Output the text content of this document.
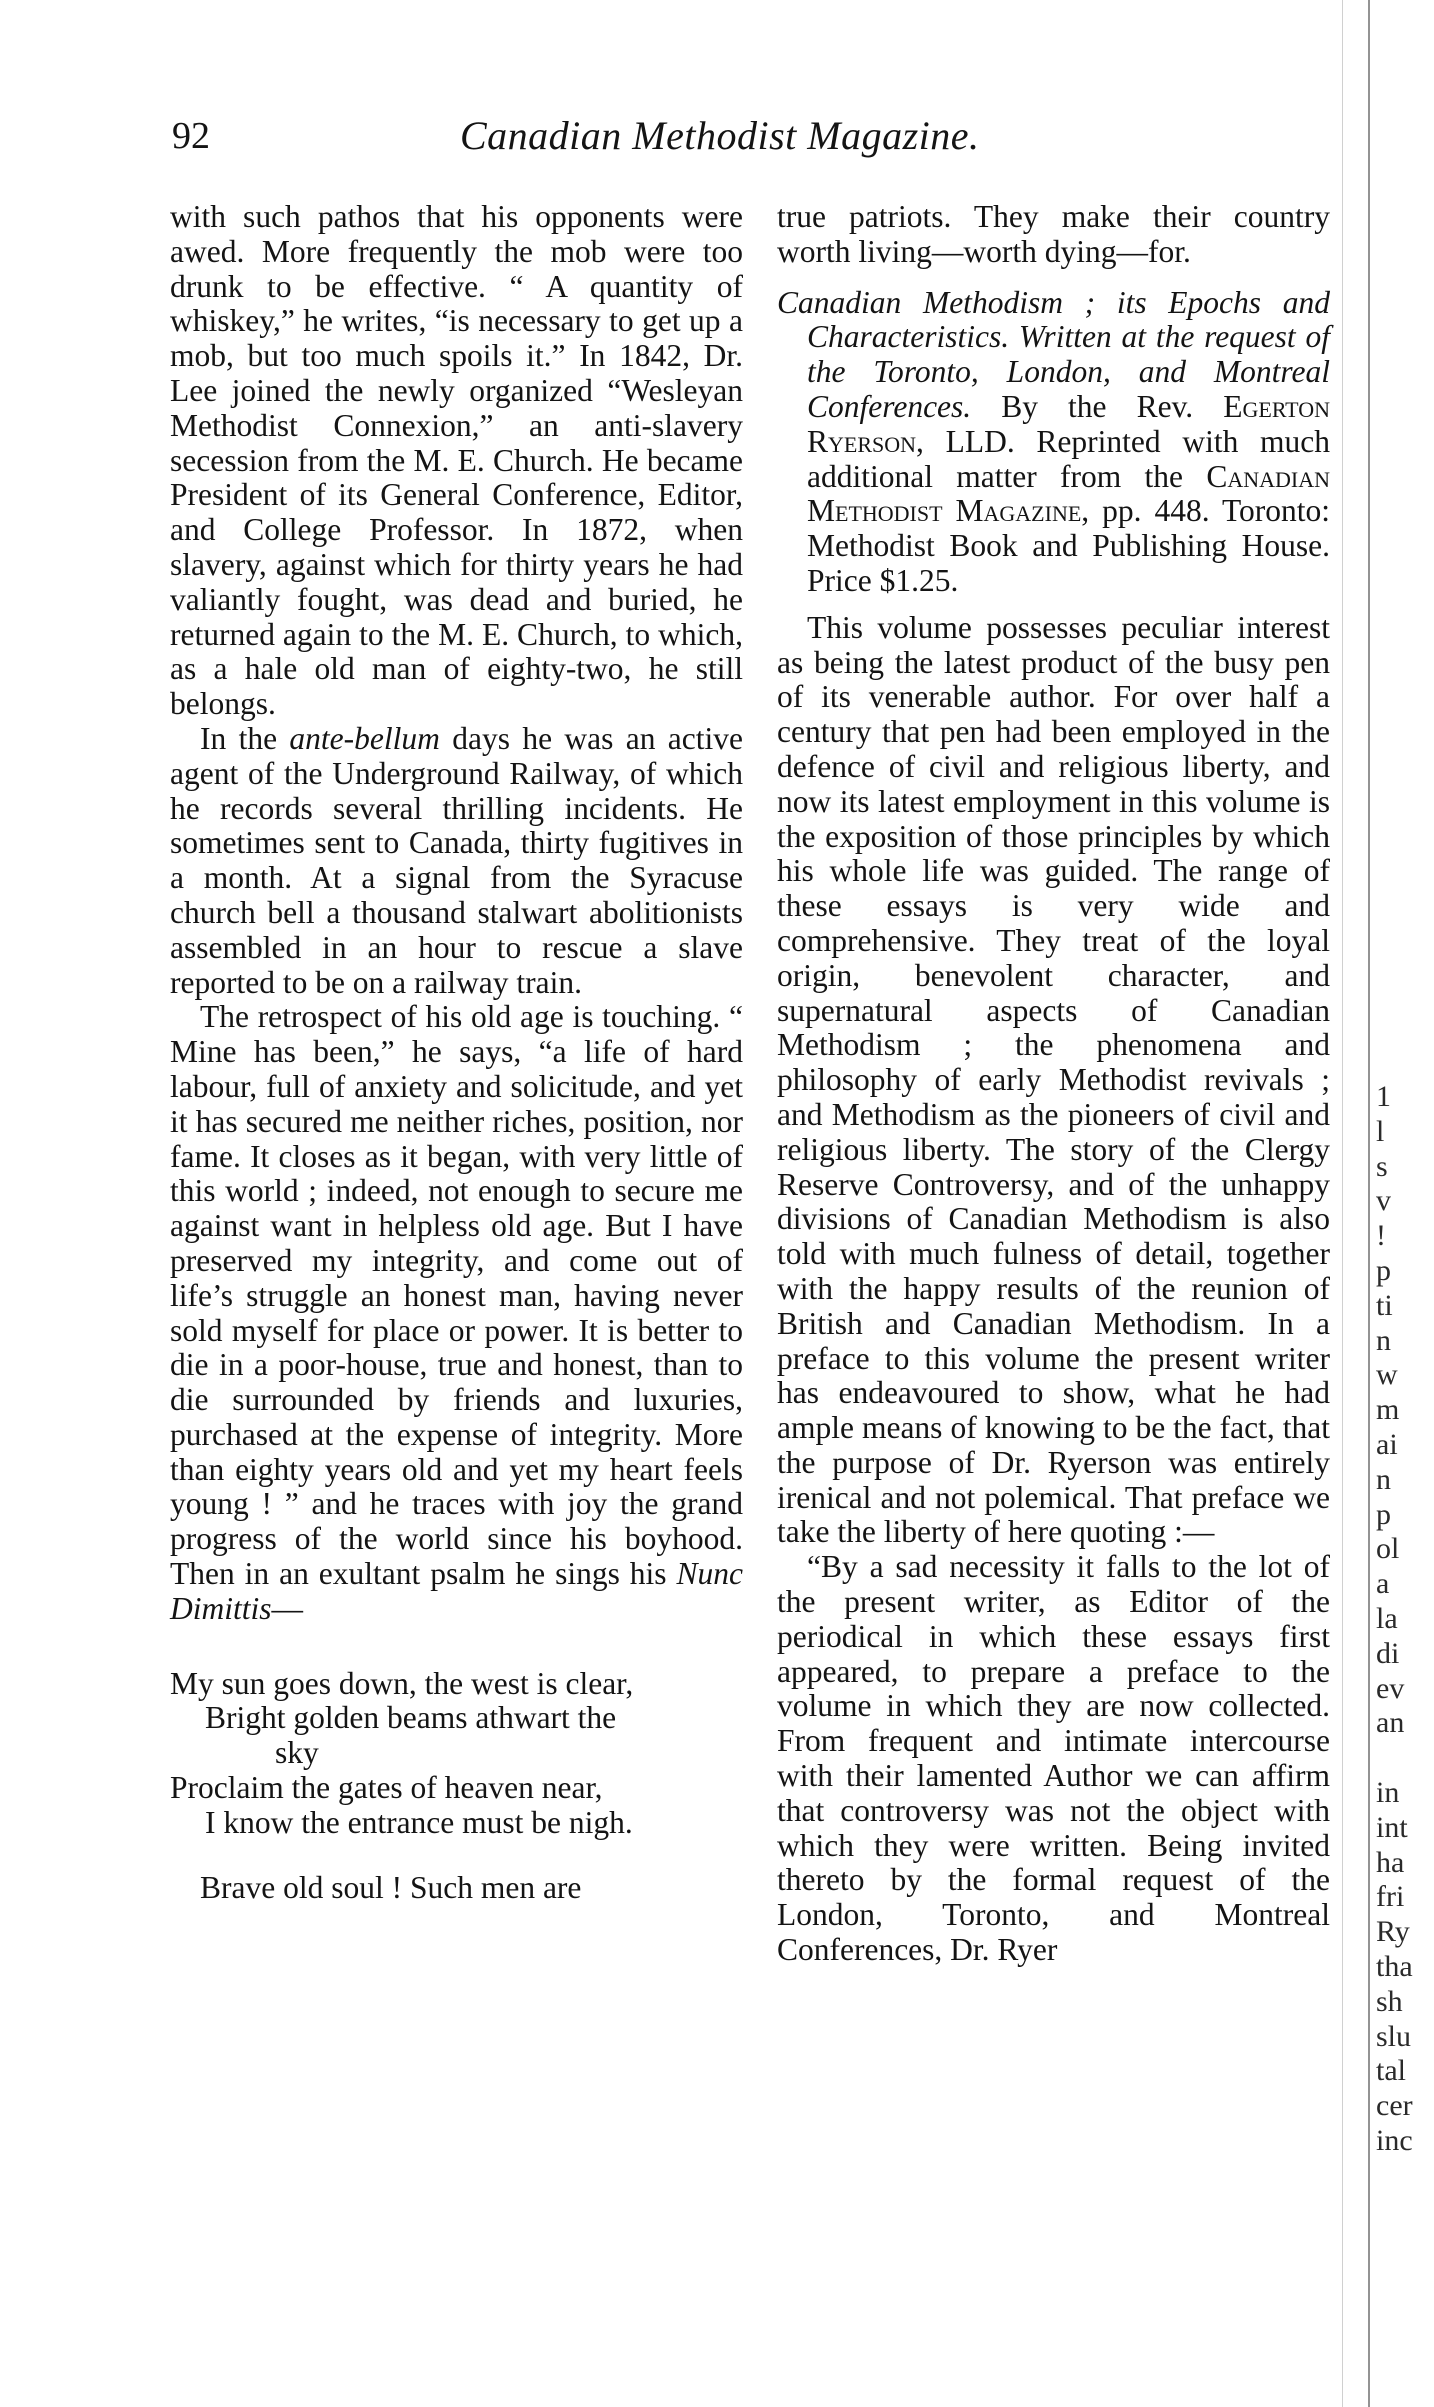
92	Canadian Methodist Magazine.

with such pathos that his opponents were awed. More frequently the mob were too drunk to be effective. “ A quantity of whiskey,” he writes, “is necessary to get up a mob, but too much spoils it.” In 1842, Dr. Lee joined the newly organized “Wesleyan Methodist Connexion,” an anti-slavery secession from the M. E. Church. He became President of its General Conference, Editor, and College Professor. In 1872, when slavery, against which for thirty years he had valiantly fought, was dead and buried, he returned again to the M. E. Church, to which, as a hale old man of eighty-two, he still belongs.

In the ante-bellum days he was an active agent of the Underground Railway, of which he records several thrilling incidents. He sometimes sent to Canada, thirty fugitives in a month. At a signal from the Syracuse church bell a thousand stalwart abolitionists assembled in an hour to rescue a slave reported to be on a railway train.

The retrospect of his old age is touching. “ Mine has been,” he says, “a life of hard labour, full of anxiety and solicitude, and yet it has secured me neither riches, position, nor fame. It closes as it began, with very little of this world ; indeed, not enough to secure me against want in helpless old age. But I have preserved my integrity, and come out of life’s struggle an honest man, having never sold myself for place or power. It is better to die in a poor-house, true and honest, than to die surrounded by friends and luxuries, purchased at the expense of integrity. More than eighty years old and yet my heart feels young ! ” and he traces with joy the grand progress of the world since his boyhood. Then in an exultant psalm he sings his Nunc Dimittis—

My sun goes down, the west is clear,
Bright golden beams athwart the
sky
Proclaim the gates of heaven near,
I know the entrance must be nigh.

Brave old soul ! Such men are

true patriots. They make their country worth living—worth dying—for.

Canadian Methodism ; its Epochs and Characteristics. Written at the request of the Toronto, London, and Montreal Conferences. By the Rev. Egerton Ryerson, LLD. Reprinted with much additional matter from the Canadian Methodist Magazine, pp. 448. Toronto: Methodist Book and Publishing House. Price $1.25.

This volume possesses peculiar interest as being the latest product of the busy pen of its venerable author. For over half a century that pen had been employed in the defence of civil and religious liberty, and now its latest employment in this volume is the exposition of those principles by which his whole life was guided. The range of these essays is very wide and comprehensive. They treat of the loyal origin, benevolent character, and supernatural aspects of Canadian Methodism ; the phenomena and philosophy of early Methodist revivals ; and Methodism as the pioneers of civil and religious liberty. The story of the Clergy Reserve Controversy, and of the unhappy divisions of Canadian Methodism is also told with much fulness of detail, together with the happy results of the reunion of British and Canadian Methodism. In a preface to this volume the present writer has endeavoured to show, what he had ample means of knowing to be the fact, that the purpose of Dr. Ryerson was entirely irenical and not polemical. That preface we take the liberty of here quoting :—

“By a sad necessity it falls to the lot of the present writer, as Editor of the periodical in which these essays first appeared, to prepare a preface to the volume in which they are now collected. From frequent and intimate intercourse with their lamented Author we can affirm that controversy was not the object with which they were written. Being invited thereto by the formal request of the London, Toronto, and Montreal Conferences, Dr. Ryer

1
l
s
v
!
p
ti
n
w
m
ai
n
p
ol
a
la
di
ev
an

in
int
ha
fri
Ry
tha
sh
slu
tal
cer
inc
